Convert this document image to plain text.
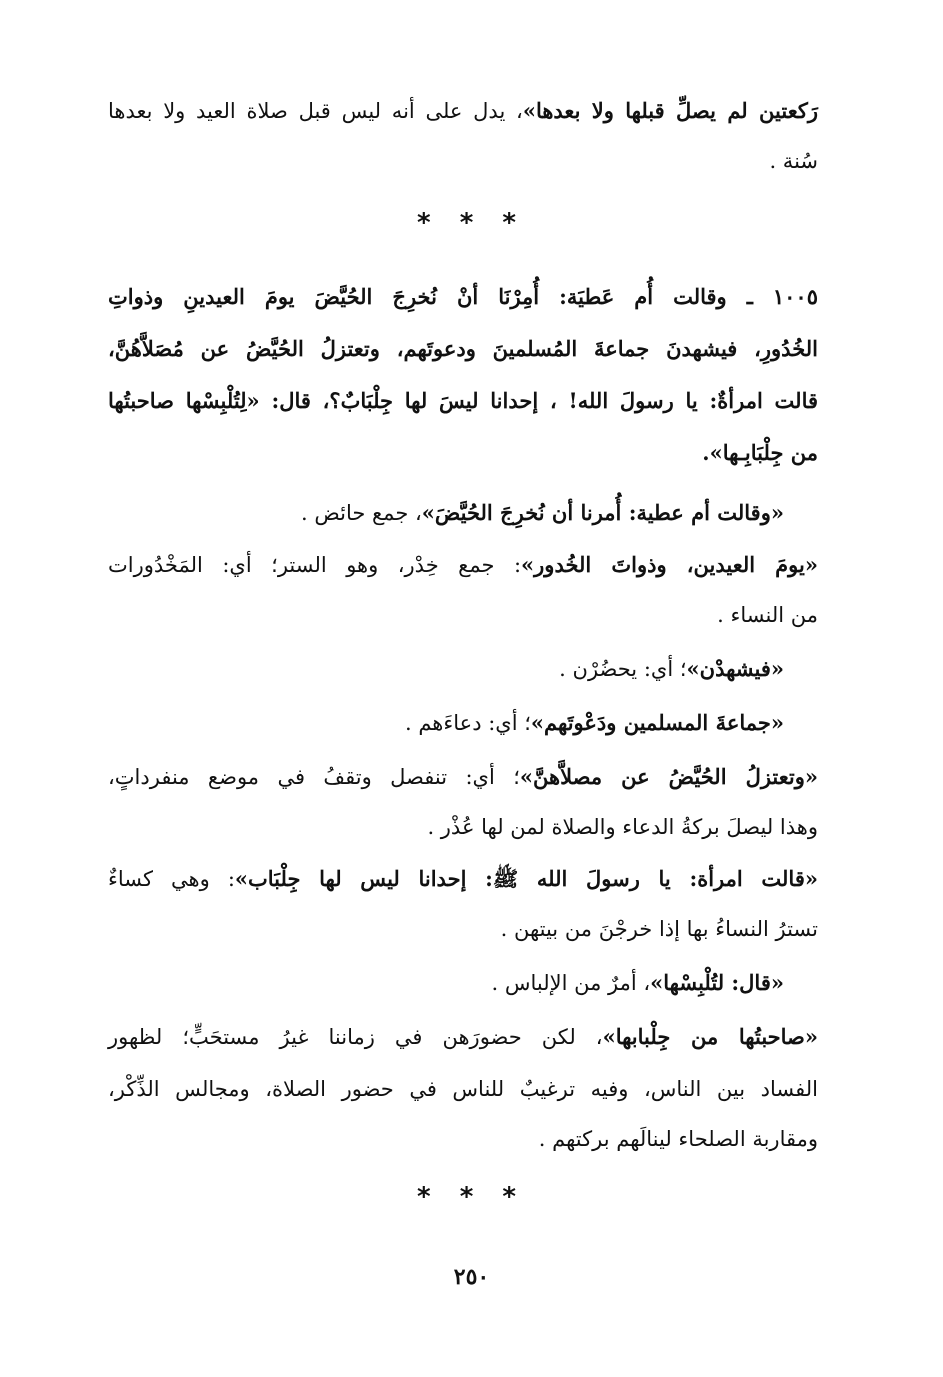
رَكعتين لم يصلِّ قبلها ولا بعدها»، يدل على أنه ليس قبل صلاة العيد ولا بعدها
سُنة .
* * *
١٠٠٥ ـ وقالت أُم عَطيَة: أُمِرْنَا أنْ نُخرِجَ الحُيَّضَ يومَ العيدينِ وذواتِ
الخُدُورِ، فيشهدنَ جماعةَ المُسلمينَ ودعوتَهم، وتعتزلُ الحُيَّضُ عن مُصَلاَّهُنَّ،
قالت امرأةٌ: يا رسولَ الله! ، إحدانا ليسَ لها جِلْبَابٌ؟، قال: «لِتُلْبِسْها صاحبتُها
من جِلْبَابِـها».
«وقالت أم عطية: أُمرنا أن نُخرِجَ الحُيَّضَ»، جمع حائض .
«يومَ العيدين، وذواتَ الخُدور»: جمع خِدْر، وهو الستر؛ أي: المَخْدُورات
من النساء .
«فيشهدْن»؛ أي: يحضُرْن .
«جماعةَ المسلمين ودَعْوتَهم»؛ أي: دعاءَهم .
«وتعتزلُ الحُيَّضُ عن مصلاَّهنَّ»؛ أي: تنفصل وتقفُ في موضع منفرداتٍ،
وهذا ليصلَ بركةُ الدعاء والصلاة لمن لها عُذْر .
«قالت امرأة: يا رسولَ الله ﷺ: إحدانا ليس لها جِلْبَاب»: وهي كساءٌ
تسترُ النساءُ بها إذا خرجْنَ من بيتهن .
«قال: لتُلْبِسْها»، أمرٌ من الإلباس .
«صاحبتُها من جِلْبابها»، لكن حضورَهن في زماننا غيرُ مستحَبٍّ؛ لظهور
الفساد بين الناس، وفيه ترغيبٌ للناس في حضور الصلاة، ومجالس الذِّكْر،
ومقاربة الصلحاء لينالَهم بركتهم .
* * *
٢٥٠
